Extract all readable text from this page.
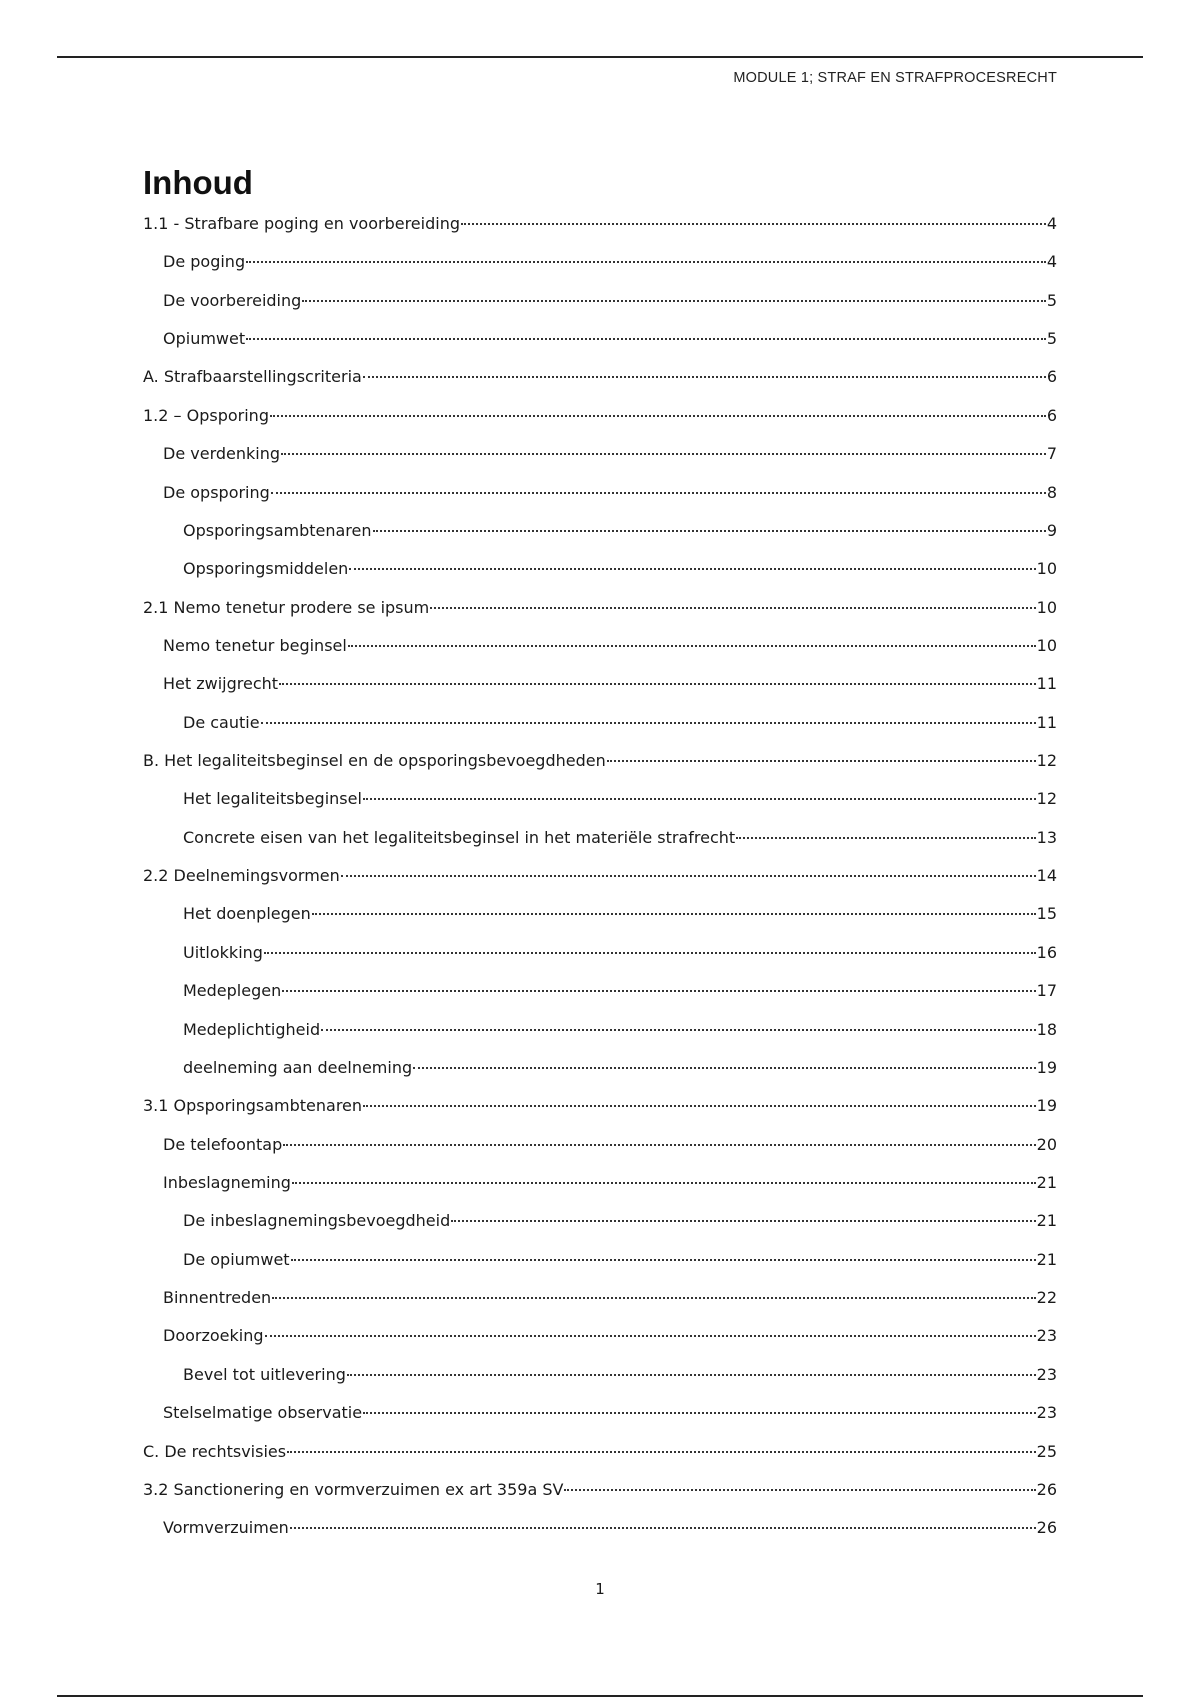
MODULE 1; STRAF EN STRAFPROCESRECHT
Inhoud
1.1 - Strafbare poging en voorbereiding	4
De poging	4
De voorbereiding	5
Opiumwet	5
A. Strafbaarstellingscriteria	6
1.2 – Opsporing	6
De verdenking	7
De opsporing	8
Opsporingsambtenaren	9
Opsporingsmiddelen	10
2.1 Nemo tenetur prodere se ipsum	10
Nemo tenetur beginsel	10
Het zwijgrecht	11
De cautie	11
B. Het legaliteitsbeginsel en de opsporingsbevoegdheden	12
Het legaliteitsbeginsel	12
Concrete eisen van het legaliteitsbeginsel in het materiële strafrecht	13
2.2 Deelnemingsvormen	14
Het doenplegen	15
Uitlokking	16
Medeplegen	17
Medeplichtigheid	18
deelneming aan deelneming	19
3.1 Opsporingsambtenaren	19
De telefoontap	20
Inbeslagneming	21
De inbeslagnemingsbevoegdheid	21
De opiumwet	21
Binnentreden	22
Doorzoeking	23
Bevel tot uitlevering	23
Stelselmatige observatie	23
C. De rechtsvisies	25
3.2 Sanctionering en vormverzuimen ex art 359a SV	26
Vormverzuimen	26
1
